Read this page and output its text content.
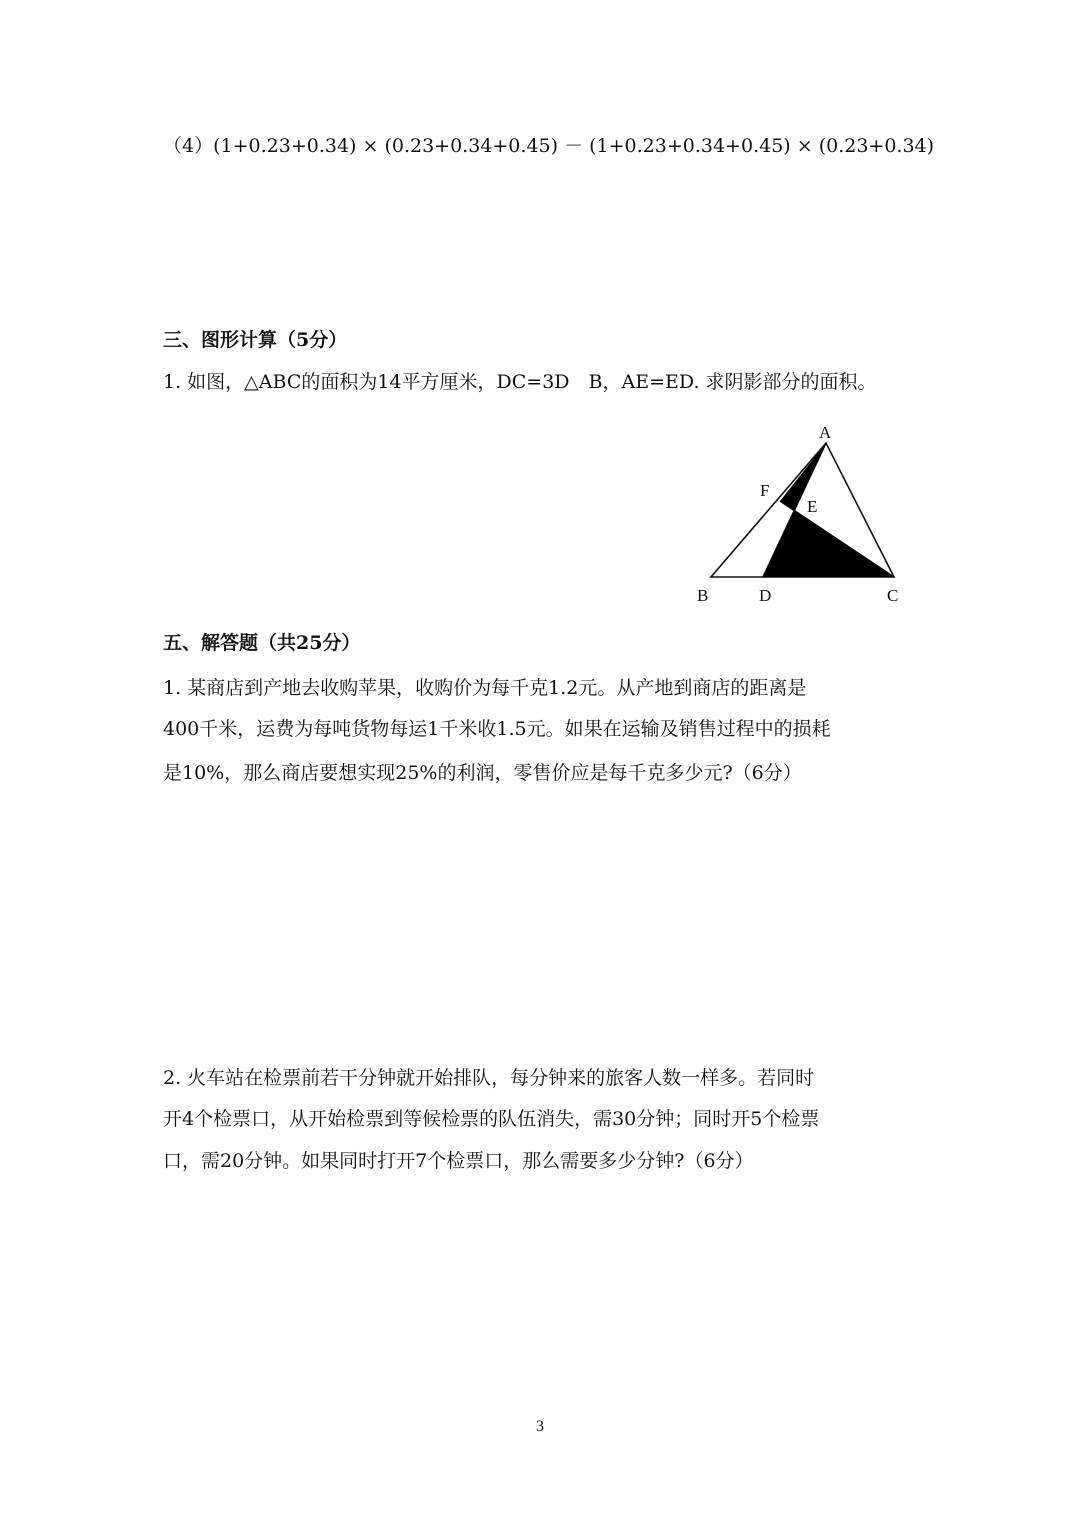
（4）(1+0.23+0.34) × (0.23+0.34+0.45) － (1+0.23+0.34+0.45) × (0.23+0.34)

三、图形计算（5分）

1. 如图，△ABC的面积为14平方厘米，DC=3D　B，AE=ED. 求阴影部分的面积。

A
F
E
B	D	C

五、解答题（共25分）

1. 某商店到产地去收购苹果，收购价为每千克1.2元。从产地到商店的距离是

400千米，运费为每吨货物每运1千米收1.5元。如果在运输及销售过程中的损耗

是10%，那么商店要想实现25%的利润，零售价应是每千克多少元?（6分）

2. 火车站在检票前若干分钟就开始排队，每分钟来的旅客人数一样多。若同时

开4个检票口，从开始检票到等候检票的队伍消失，需30分钟；同时开5个检票

口，需20分钟。如果同时打开7个检票口，那么需要多少分钟?（6分）

3
